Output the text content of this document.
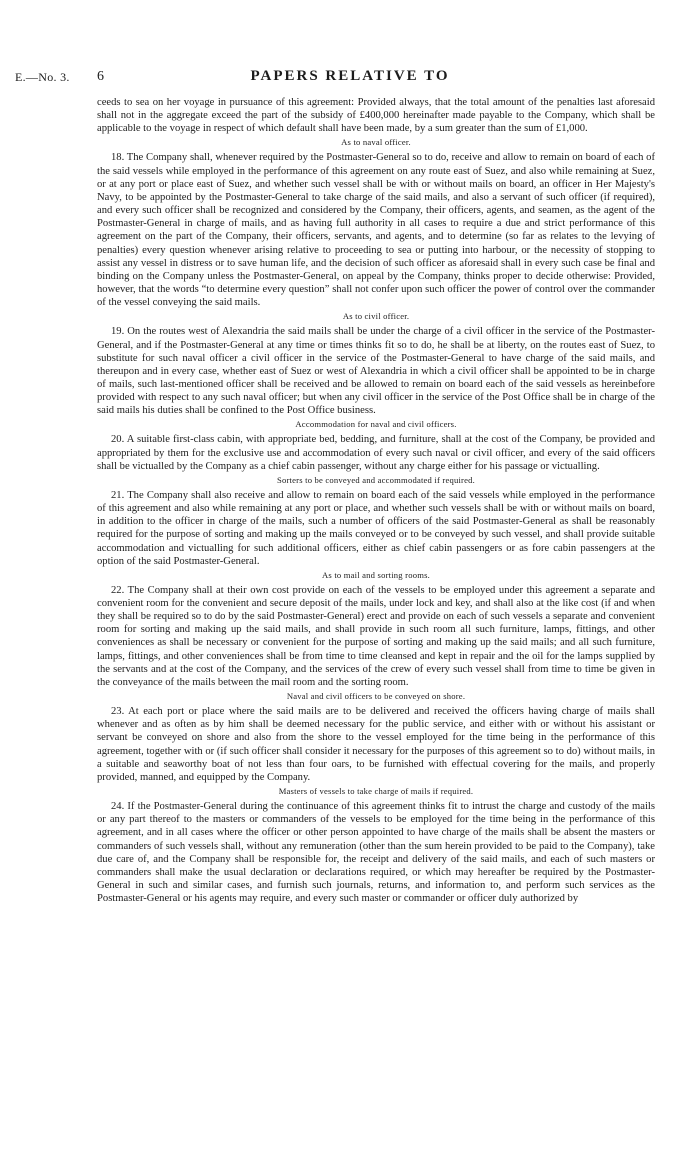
E.—No. 3. 6	PAPERS RELATIVE TO

ceeds to sea on her voyage in pursuance of this agreement: Provided always, that the total amount of the penalties last aforesaid shall not in the aggregate exceed the part of the subsidy of £400,000 hereinafter made payable to the Company, which shall be applicable to the voyage in respect of which default shall have been made, by a sum greater than the sum of £1,000.

As to naval officer.

18. The Company shall, whenever required by the Postmaster-General so to do, receive and allow to remain on board of each of the said vessels while employed in the performance of this agreement on any route east of Suez, and also while remaining at Suez, or at any port or place east of Suez, and whether such vessel shall be with or without mails on board, an officer in Her Majesty's Navy, to be appointed by the Postmaster-General to take charge of the said mails, and also a servant of such officer (if required), and every such officer shall be recognized and considered by the Company, their officers, agents, and seamen, as the agent of the Postmaster-General in charge of mails, and as having full authority in all cases to require a due and strict performance of this agreement on the part of the Company, their officers, servants, and agents, and to determine (so far as relates to the levying of penalties) every question whenever arising relative to proceeding to sea or putting into harbour, or the necessity of stopping to assist any vessel in distress or to save human life, and the decision of such officer as aforesaid shall in every such case be final and binding on the Company unless the Postmaster-General, on appeal by the Company, thinks proper to decide otherwise: Provided, however, that the words “to determine every question” shall not confer upon such officer the power of control over the commander of the vessel conveying the said mails.

As to civil officer.

19. On the routes west of Alexandria the said mails shall be under the charge of a civil officer in the service of the Postmaster-General, and if the Postmaster-General at any time or times thinks fit so to do, he shall be at liberty, on the routes east of Suez, to substitute for such naval officer a civil officer in the service of the Postmaster-General to have charge of the said mails, and thereupon and in every case, whether east of Suez or west of Alexandria in which a civil officer shall be appointed to be in charge of mails, such last-mentioned officer shall be received and be allowed to remain on board each of the said vessels as hereinbefore provided with respect to any such naval officer; but when any civil officer in the service of the Post Office shall be in charge of the said mails his duties shall be confined to the Post Office business.

Accommodation for naval and civil officers.

20. A suitable first-class cabin, with appropriate bed, bedding, and furniture, shall at the cost of the Company, be provided and appropriated by them for the exclusive use and accommodation of every such naval or civil officer, and every of the said officers shall be victualled by the Company as a chief cabin passenger, without any charge either for his passage or victualling.

Sorters to be conveyed and accommodated if required.

21. The Company shall also receive and allow to remain on board each of the said vessels while employed in the performance of this agreement and also while remaining at any port or place, and whether such vessels shall be with or without mails on board, in addition to the officer in charge of the mails, such a number of officers of the said Postmaster-General as shall be reasonably required for the purpose of sorting and making up the mails conveyed or to be conveyed by such vessel, and shall provide suitable accommodation and victualling for such additional officers, either as chief cabin passengers or as fore cabin passengers at the option of the said Postmaster-General.

As to mail and sorting rooms.

22. The Company shall at their own cost provide on each of the vessels to be employed under this agreement a separate and convenient room for the convenient and secure deposit of the mails, under lock and key, and shall also at the like cost (if and when they shall be required so to do by the said Postmaster-General) erect and provide on each of such vessels a separate and convenient room for sorting and making up the said mails, and shall provide in such room all such furniture, lamps, fittings, and other conveniences as shall be necessary or convenient for the purpose of sorting and making up the said mails; and all such furniture, lamps, fittings, and other conveniences shall be from time to time cleansed and kept in repair and the oil for the lamps supplied by the servants and at the cost of the Company, and the services of the crew of every such vessel shall from time to time be given in the conveyance of the mails between the mail room and the sorting room.

Naval and civil officers to be conveyed on shore.

23. At each port or place where the said mails are to be delivered and received the officers having charge of mails shall whenever and as often as by him shall be deemed necessary for the public service, and either with or without his assistant or servant be conveyed on shore and also from the shore to the vessel employed for the time being in the performance of this agreement, together with or (if such officer shall consider it necessary for the purposes of this agreement so to do) without mails, in a suitable and seaworthy boat of not less than four oars, to be furnished with effectual covering for the mails, and properly provided, manned, and equipped by the Company.

Masters of vessels to take charge of mails if required.

24. If the Postmaster-General during the continuance of this agreement thinks fit to intrust the charge and custody of the mails or any part thereof to the masters or commanders of the vessels to be employed for the time being in the performance of this agreement, and in all cases where the officer or other person appointed to have charge of the mails shall be absent the masters or commanders of such vessels shall, without any remuneration (other than the sum herein provided to be paid to the Company), take due care of, and the Company shall be responsible for, the receipt and delivery of the said mails, and each of such masters or commanders shall make the usual declaration or declarations required, or which may hereafter be required by the Postmaster-General in such and similar cases, and furnish such journals, returns, and information to, and perform such services as the Postmaster-General or his agents may require, and every such master or commander or officer duly authorized by
